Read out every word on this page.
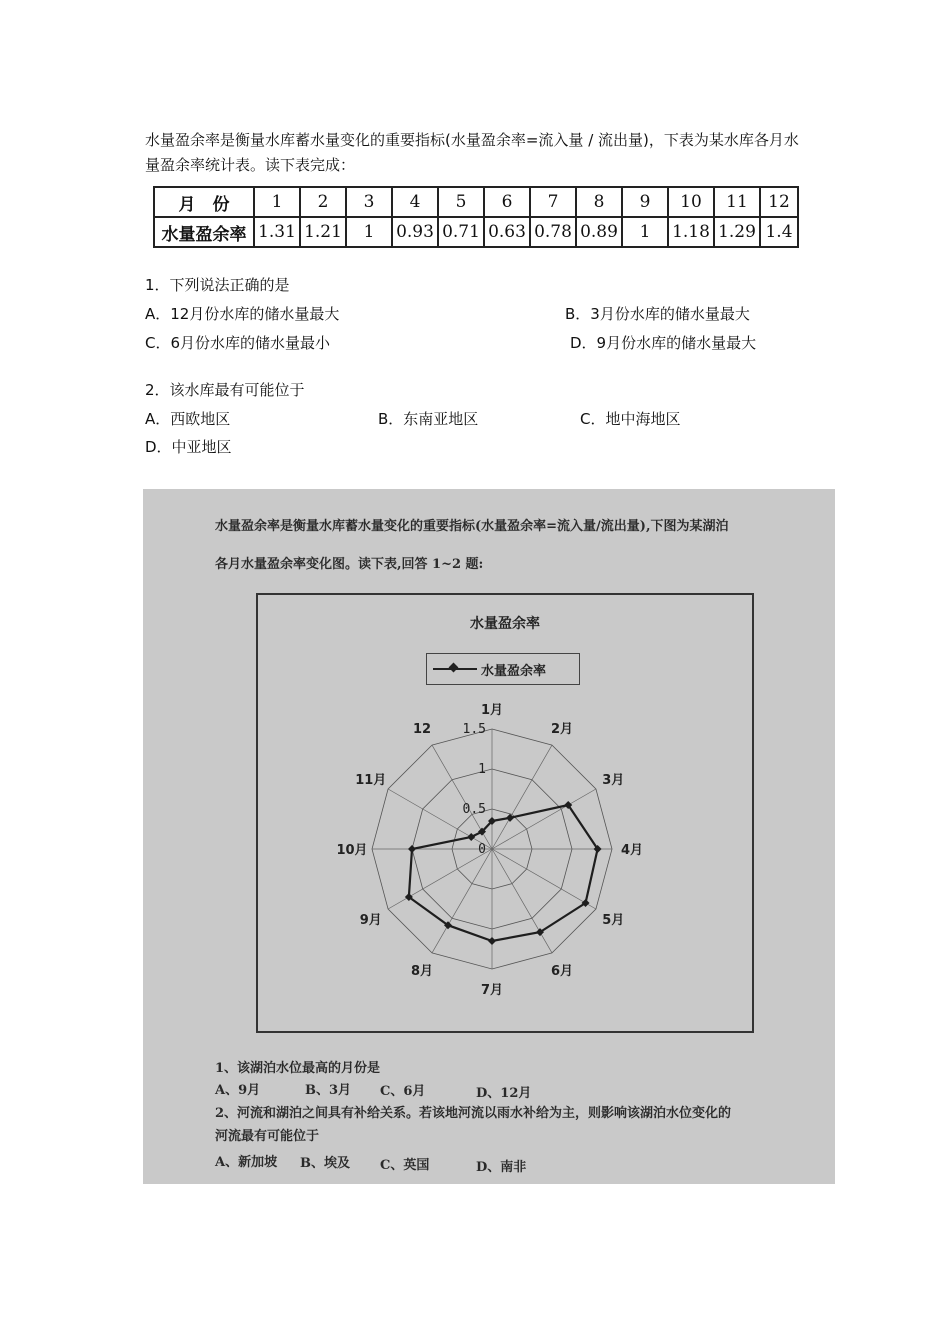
水量盈余率是衡量水库蓄水量变化的重要指标(水量盈余率=流入量 / 流出量)，下表为某水库各月水量盈余率统计表。读下表完成：
月　份	1	2	3	4	5	6	7	8	9	10	11	12
水量盈余率	1.31	1.21	1	0.93	0.71	0.63	0.78	0.89	1	1.18	1.29	1.4
1．下列说法正确的是
A．12月份水库的储水量最大	B．3月份水库的储水量最大
C．6月份水库的储水量最小	D．9月份水库的储水量最大
2．该水库最有可能位于
A．西欧地区	B．东南亚地区	C．地中海地区
D．中亚地区
水量盈余率是衡量水库蓄水量变化的重要指标(水量盈余率=流入量/流出量),下图为某湖泊
各月水量盈余率变化图。读下表,回答 1~2 题:
0
0.5
1
1.5
1月
2月
3月
4月
5月
6月
7月
8月
9月
10月
11月
12
水量盈余率
水量盈余率
1、该湖泊水位最高的月份是
A、9月	B、3月 C、6月	D、12月
2、河流和湖泊之间具有补给关系。若该地河流以雨水补给为主，则影响该湖泊水位变化的
河流最有可能位于
A、新加坡 B、埃及 C、英国	D、南非
